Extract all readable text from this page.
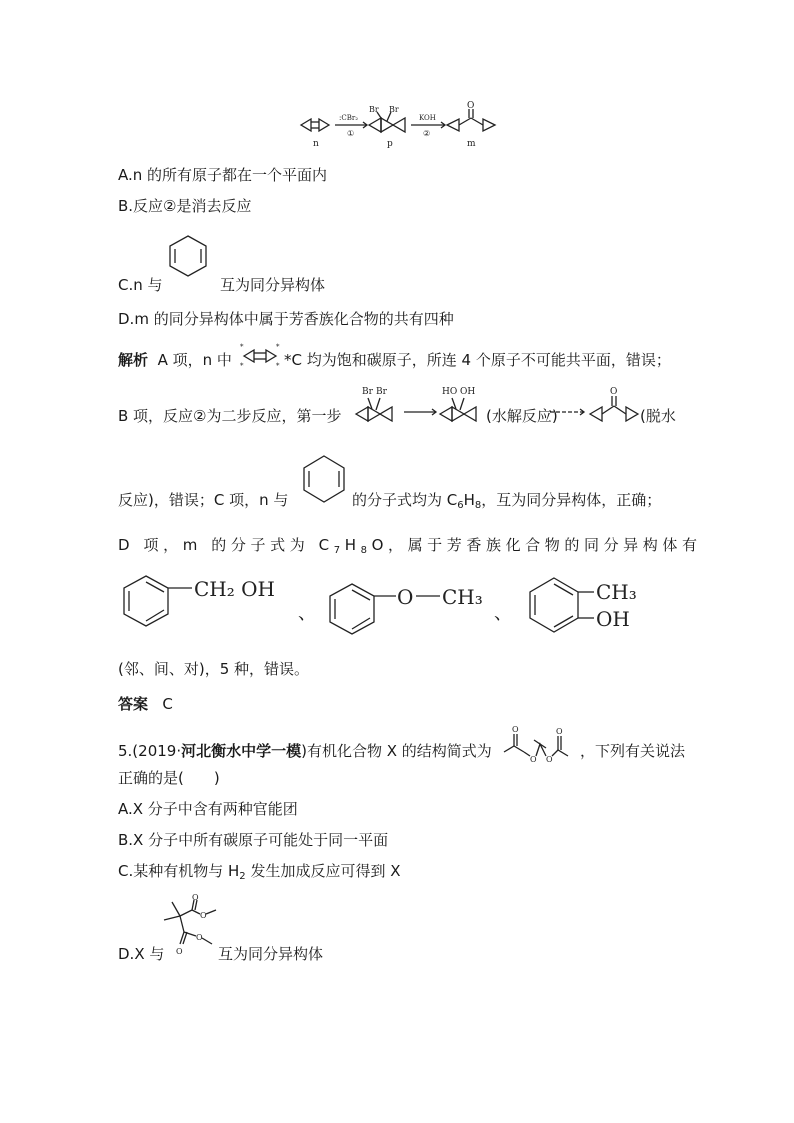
n
:CBr₂
①
Br Br
p
KOH
②
O
m
A.n 的所有原子都在一个平面内
B.反应②是消去反应
C.n 与	互为同分异构体
D.m 的同分异构体中属于芳香族化合物的共有四种
解析 A 项，n 中
*
*
*
* *C 均为饱和碳原子，所连 4 个原子不可能共平面，错误；
B 项，反应②为二步反应，第一步
Br Br	HO OH	O
(水解反应)	(脱水
反应)，错误；C 项，n 与	的分子式均为 $C_6H_8$，互为同分异构体，正确；
D 项，m 的分子式为 $C_7H_8O$，属于芳香族化合物的同分异构体有
CH₂ OH
、
O CH₃
、
CH₃
OH
(邻、间、对)，5 种，错误。
答案 C
5.(2019·河北衡水中学一模)有机化合物 X 的结构简式为
O
O O
O
，下列有关说法
正确的是(　　)
A.X 分子中含有两种官能团
B.X 分子中所有碳原子可能处于同一平面
C.某种有机物与 $H_2$ 发生加成反应可得到 X
O
O
O
O
D.X 与	互为同分异构体
